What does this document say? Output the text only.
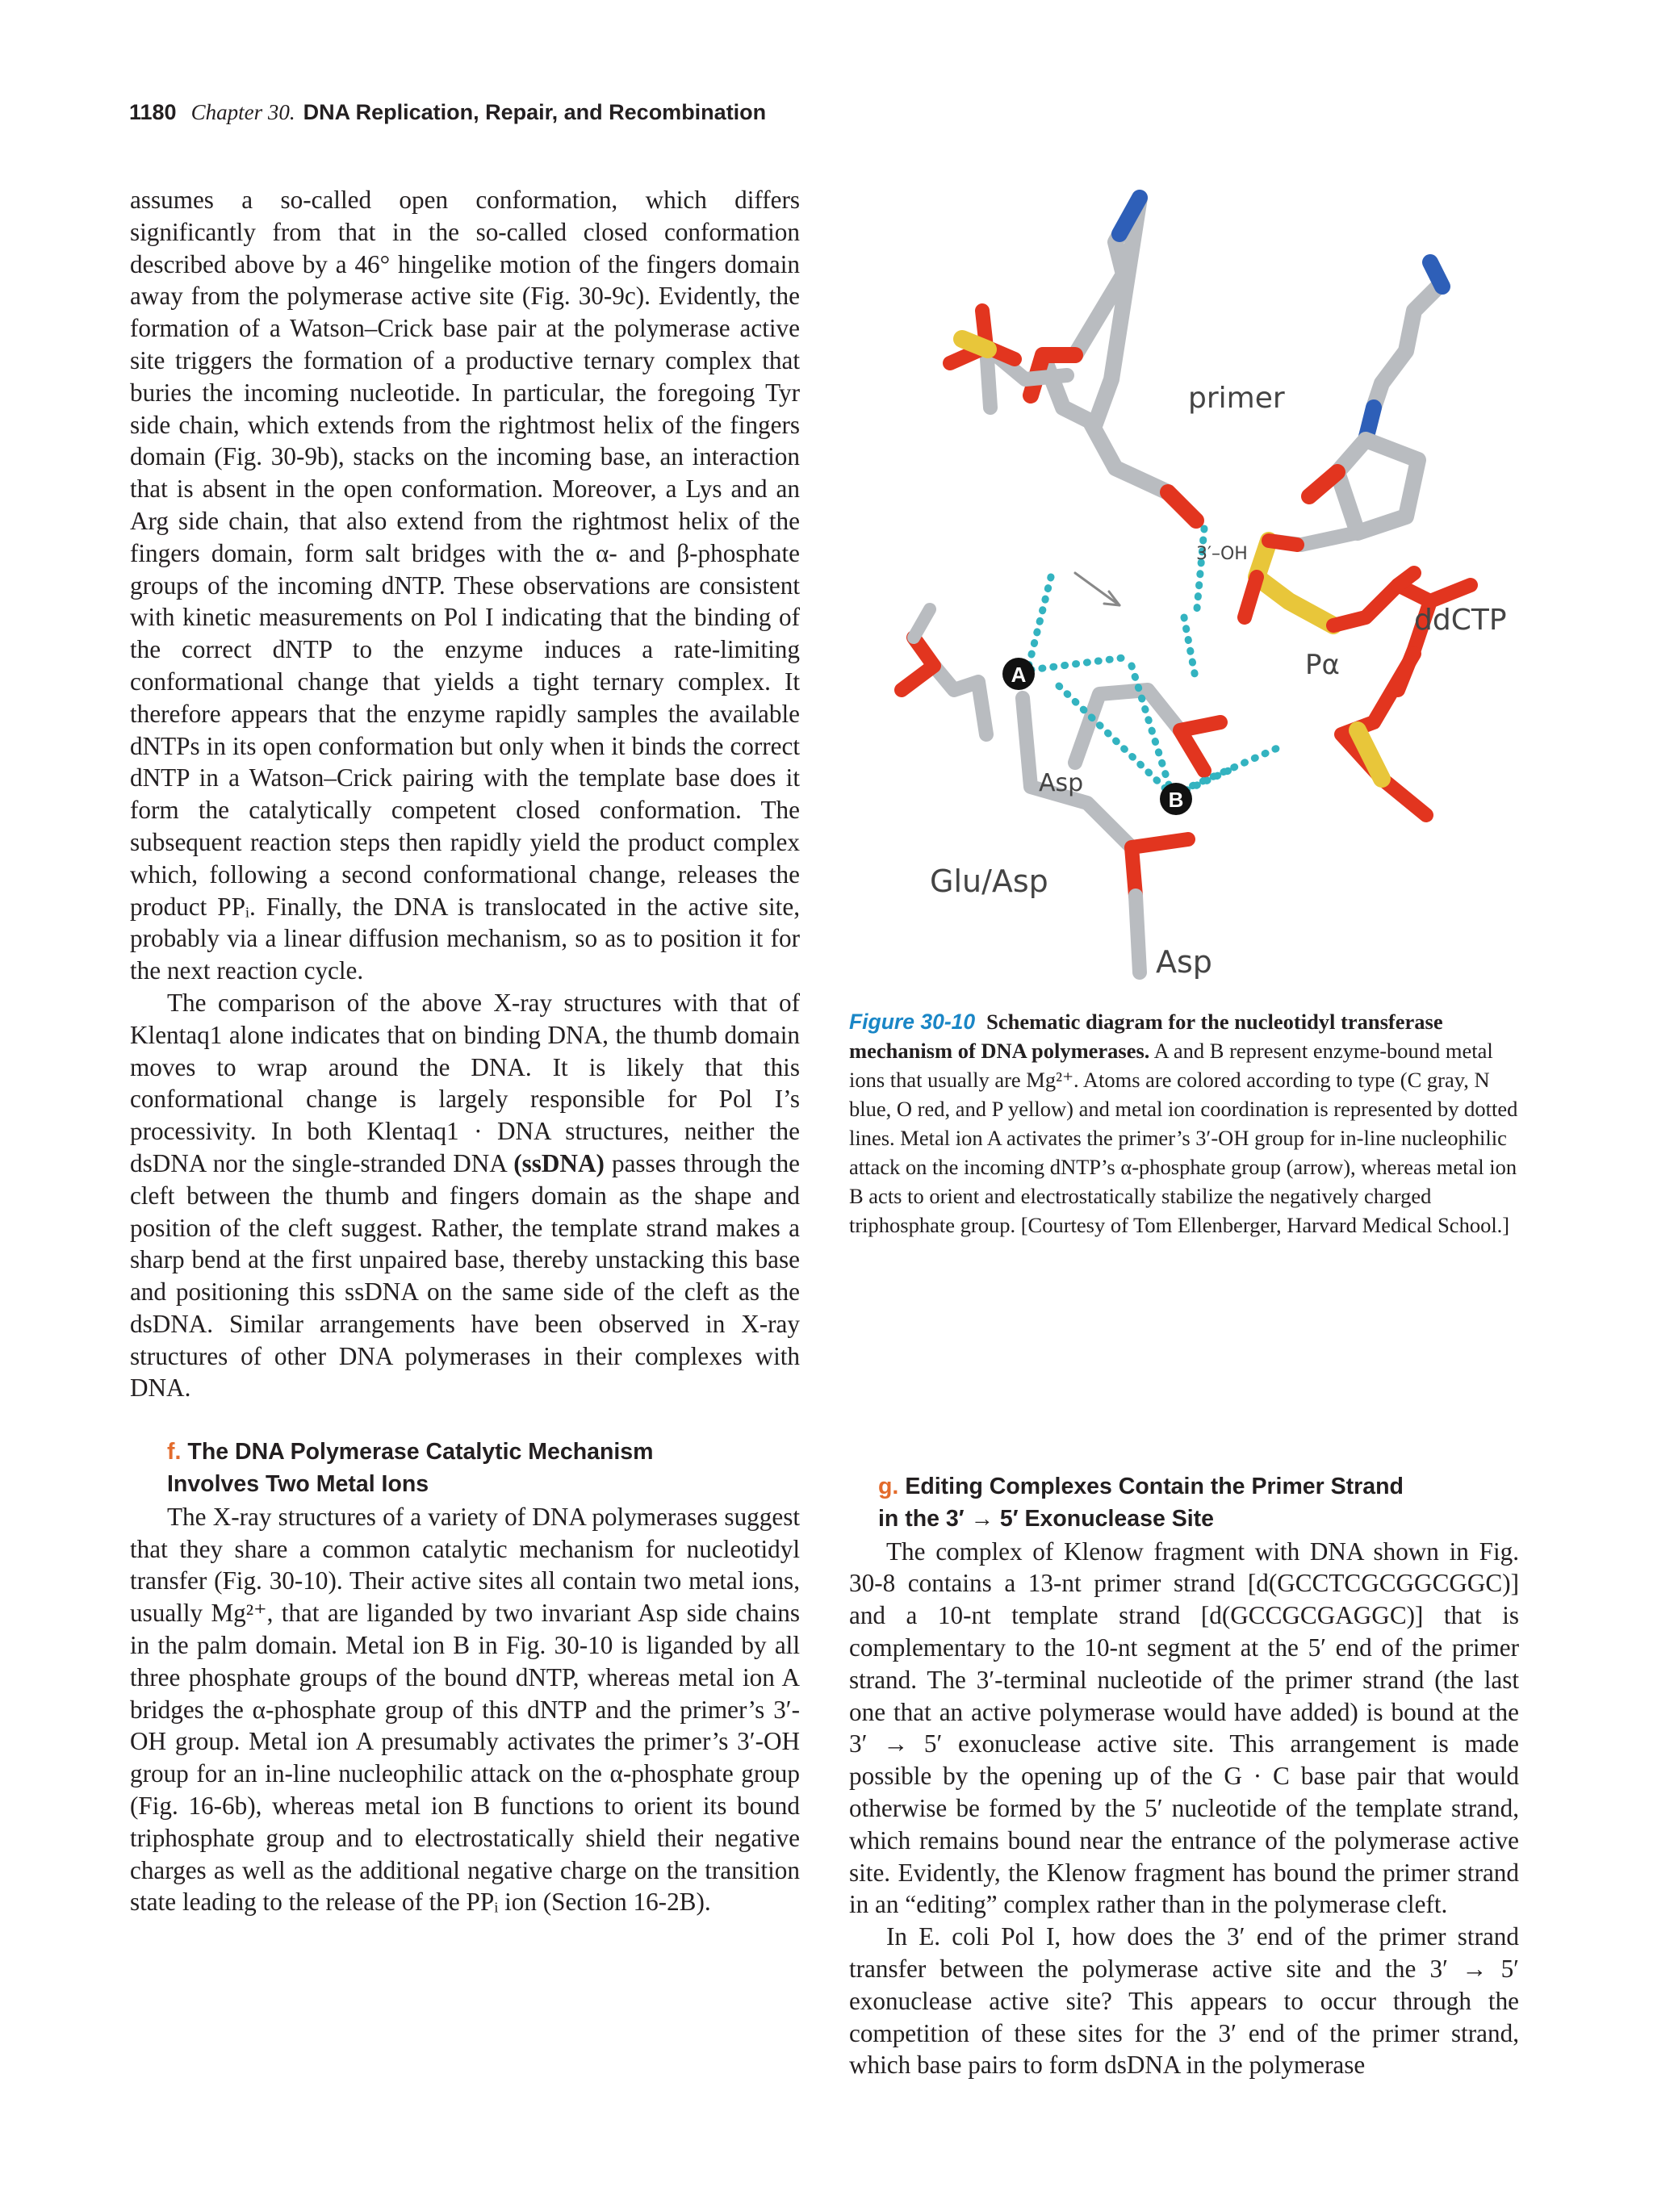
1180 Chapter 30. DNA Replication, Repair, and Recombination

assumes a so-called open conformation, which differs significantly from that in the so-called closed conformation described above by a 46° hingelike motion of the fingers domain away from the polymerase active site (Fig. 30-9c). Evidently, the formation of a Watson–Crick base pair at the polymerase active site triggers the formation of a productive ternary complex that buries the incoming nucleotide. In particular, the foregoing Tyr side chain, which extends from the rightmost helix of the fingers domain (Fig. 30-9b), stacks on the incoming base, an interaction that is absent in the open conformation. Moreover, a Lys and an Arg side chain, that also extend from the rightmost helix of the fingers domain, form salt bridges with the α- and β-phosphate groups of the incoming dNTP. These observations are consistent with kinetic measurements on Pol I indicating that the binding of the correct dNTP to the enzyme induces a rate-limiting conformational change that yields a tight ternary complex. It therefore appears that the enzyme rapidly samples the available dNTPs in its open conformation but only when it binds the correct dNTP in a Watson–Crick pairing with the template base does it form the catalytically competent closed conformation. The subsequent reaction steps then rapidly yield the product complex which, following a second conformational change, releases the product PPᵢ. Finally, the DNA is translocated in the active site, probably via a linear diffusion mechanism, so as to position it for the next reaction cycle.

The comparison of the above X-ray structures with that of Klentaq1 alone indicates that on binding DNA, the thumb domain moves to wrap around the DNA. It is likely that this conformational change is largely responsible for Pol I’s processivity. In both Klentaq1 · DNA structures, neither the dsDNA nor the single-stranded DNA (ssDNA) passes through the cleft between the thumb and fingers domain as the shape and position of the cleft suggest. Rather, the template strand makes a sharp bend at the first unpaired base, thereby unstacking this base and positioning this ssDNA on the same side of the cleft as the dsDNA. Similar arrangements have been observed in X-ray structures of other DNA polymerases in their complexes with DNA.

f. The DNA Polymerase Catalytic Mechanism
Involves Two Metal Ions

The X-ray structures of a variety of DNA polymerases suggest that they share a common catalytic mechanism for nucleotidyl transfer (Fig. 30-10). Their active sites all contain two metal ions, usually Mg²⁺, that are liganded by two invariant Asp side chains in the palm domain. Metal ion B in Fig. 30-10 is liganded by all three phosphate groups of the bound dNTP, whereas metal ion A bridges the α-phosphate group of this dNTP and the primer’s 3′-OH group. Metal ion A presumably activates the primer’s 3′-OH group for an in-line nucleophilic attack on the α-phosphate group (Fig. 16-6b), whereas metal ion B functions to orient its bound triphosphate group and to electrostatically shield their negative charges as well as the additional negative charge on the transition state leading to the release of the PPᵢ ion (Section 16-2B).

A
B
primer
3′–OH
ddCTP
Pα
Asp
Glu/Asp
Asp
Figure 30-10 Schematic diagram for the nucleotidyl transferase mechanism of DNA polymerases. A and B represent enzyme-bound metal ions that usually are Mg²⁺. Atoms are colored according to type (C gray, N blue, O red, and P yellow) and metal ion coordination is represented by dotted lines. Metal ion A activates the primer’s 3′-OH group for in-line nucleophilic attack on the incoming dNTP’s α-phosphate group (arrow), whereas metal ion B acts to orient and electrostatically stabilize the negatively charged triphosphate group. [Courtesy of Tom Ellenberger, Harvard Medical School.]
g. Editing Complexes Contain the Primer Strand
in the 3′ → 5′ Exonuclease Site

The complex of Klenow fragment with DNA shown in Fig. 30-8 contains a 13-nt primer strand [d(GCCTCGCGGCGGC)] and a 10-nt template strand [d(GCCGCGAGGC)] that is complementary to the 10-nt segment at the 5′ end of the primer strand. The 3′-terminal nucleotide of the primer strand (the last one that an active polymerase would have added) is bound at the 3′ → 5′ exonuclease active site. This arrangement is made possible by the opening up of the G · C base pair that would otherwise be formed by the 5′ nucleotide of the template strand, which remains bound near the entrance of the polymerase active site. Evidently, the Klenow fragment has bound the primer strand in an “editing” complex rather than in the polymerase cleft.

In E. coli Pol I, how does the 3′ end of the primer strand transfer between the polymerase active site and the 3′ → 5′ exonuclease active site? This appears to occur through the competition of these sites for the 3′ end of the primer strand, which base pairs to form dsDNA in the polymerase
